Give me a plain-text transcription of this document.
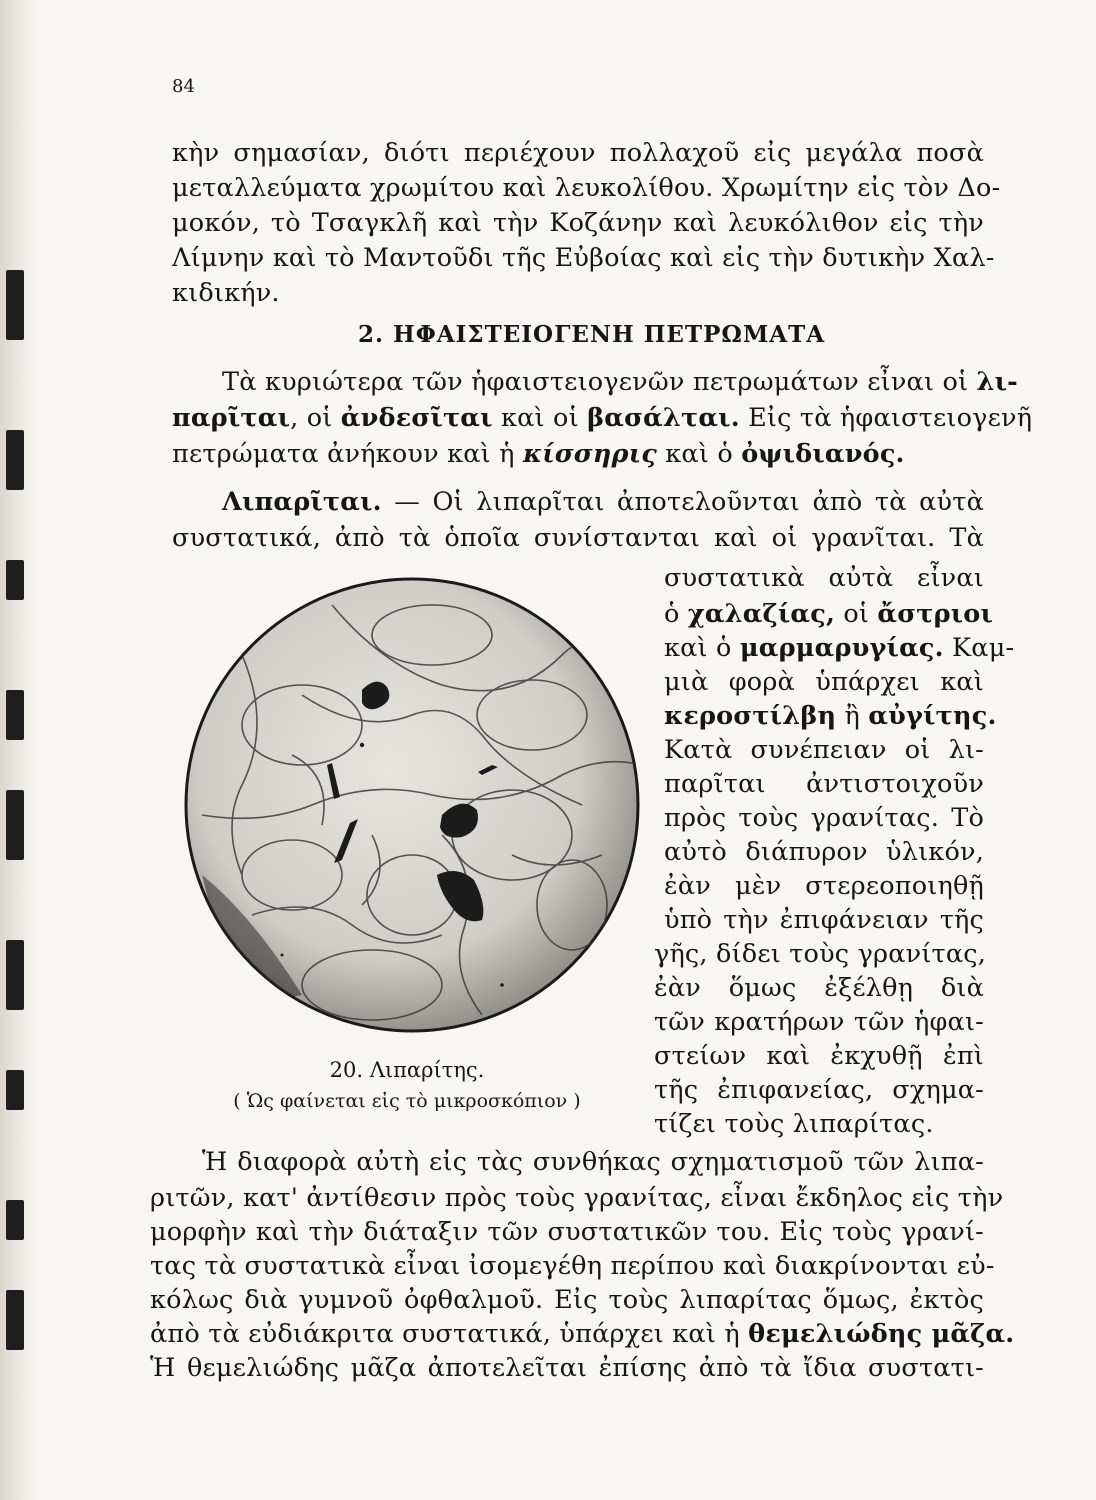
84
κὴν σημασίαν, διότι περιέχουν πολλαχοῦ εἰς μεγάλα ποσὰ
μεταλλεύματα χρωμίτου καὶ λευκολίθου. Χρωμίτην εἰς τὸν Δο-
μοκόν, τὸ Τσαγκλῆ καὶ τὴν Κοζάνην καὶ λευκόλιθον εἰς τὴν
Λίμνην καὶ τὸ Μαντοῦδι τῆς Εὐβοίας καὶ εἰς τὴν δυτικὴν Χαλ-
κιδικήν.
2. ΗΦΑΙΣΤΕΙΟΓΕΝΗ ΠΕΤΡΩΜΑΤΑ
Τὰ κυριώτερα τῶν ἡφαιστειογενῶν πετρωμάτων εἶναι οἱ λι-
παρῖται, οἱ ἀνδεσῖται καὶ οἱ βασάλται. Εἰς τὰ ἡφαιστειογενῆ
πετρώματα ἀνήκουν καὶ ἡ κίσσηρις καὶ ὁ ὀψιδιανός.
Λιπαρῖται. — Οἱ λιπαρῖται ἀποτελοῦνται ἀπὸ τὰ αὐτὰ
συστατικά, ἀπὸ τὰ ὁποῖα συνίστανται καὶ οἱ γρανῖται. Τὰ
συστατικὰ αὐτὰ εἶναι
ὁ χαλαζίας, οἱ ἄστριοι
καὶ ὁ μαρμαρυγίας. Καμ-
μιὰ φορὰ ὑπάρχει καὶ
κεροστίλβη ἢ αὐγίτης.
Κατὰ συνέπειαν οἱ λι-
παρῖται ἀντιστοιχοῦν
πρὸς τοὺς γρανίτας. Τὸ
αὐτὸ διάπυρον ὑλικόν,
ἐὰν μὲν στερεοποιηθῇ
ὑπὸ τὴν ἐπιφάνειαν τῆς
γῆς, δίδει τοὺς γρανίτας,
ἐὰν ὅμως ἐξέλθῃ διὰ
τῶν κρατήρων τῶν ἡφαι-
στείων καὶ ἐκχυθῇ ἐπὶ
τῆς ἐπιφανείας, σχημα-
τίζει τοὺς λιπαρίτας.
20. Λιπαρίτης.
( Ὡς φαίνεται εἰς τὸ μικροσκόπιον )
Ἡ διαφορὰ αὐτὴ εἰς τὰς συνθήκας σχηματισμοῦ τῶν λιπα-
ριτῶν, κατ' ἀντίθεσιν πρὸς τοὺς γρανίτας, εἶναι ἔκδηλος εἰς τὴν
μορφὴν καὶ τὴν διάταξιν τῶν συστατικῶν του. Εἰς τοὺς γρανί-
τας τὰ συστατικὰ εἶναι ἰσομεγέθη περίπου καὶ διακρίνονται εὐ-
κόλως διὰ γυμνοῦ ὀφθαλμοῦ. Εἰς τοὺς λιπαρίτας ὅμως, ἐκτὸς
ἀπὸ τὰ εὐδιάκριτα συστατικά, ὑπάρχει καὶ ἡ θεμελιώδης μᾶζα.
Ἡ θεμελιώδης μᾶζα ἀποτελεῖται ἐπίσης ἀπὸ τὰ ἴδια συστατι-
